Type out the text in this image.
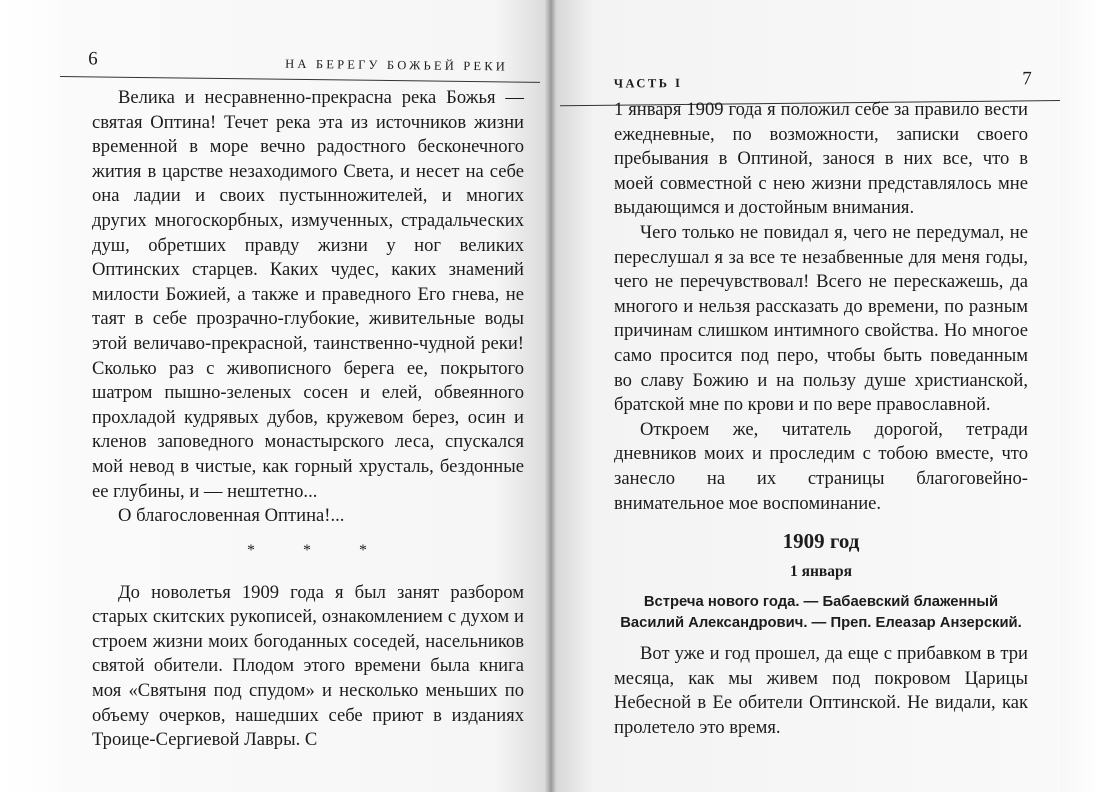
6	НА БЕРЕГУ БОЖЬЕЙ РЕКИ

Велика и несравненно-прекрасна река Божья — святая Оптина! Течет река эта из источников жизни временной в море вечно радостного бесконечного жития в царстве незаходимого Света, и несет на себе она ладии и своих пустынножителей, и многих других многоскорбных, измученных, страдальческих душ, обретших правду жизни у ног великих Оптинских старцев. Каких чудес, каких знамений милости Божией, а также и праведного Его гнева, не таят в себе прозрачно-глубокие, живительные воды этой величаво-прекрасной, таинственно-чудной реки! Сколько раз с живописного берега ее, покрытого шатром пышно-зеленых сосен и елей, обвеянного прохладой кудрявых дубов, кружевом берез, осин и кленов заповедного монастырского леса, спускался мой невод в чистые, как горный хрусталь, бездонные ее глубины, и — нештетно...

О благословенная Оптина!...

* * *

До новолетья 1909 года я был занят разбором старых скитских рукописей, ознакомлением с духом и строем жизни моих богоданных соседей, насельников святой обители. Плодом этого времени была книга моя «Святыня под спудом» и несколько меньших по объему очерков, нашедших себе приют в изданиях Троице-Сергиевой Лавры. С

ЧАСТЬ I	7

1 января 1909 года я положил себе за правило вести ежедневные, по возможности, записки своего пребывания в Оптиной, занося в них все, что в моей совместной с нею жизни представлялось мне выдающимся и достойным внимания.

Чего только не повидал я, чего не передумал, не переслушал я за все те незабвенные для меня годы, чего не перечувствовал! Всего не перескажешь, да многого и нельзя рассказать до времени, по разным причинам слишком интимного свойства. Но многое само просится под перо, чтобы быть поведанным во славу Божию и на пользу душе христианской, братской мне по крови и по вере православной.

Откроем же, читатель дорогой, тетради дневников моих и проследим с тобою вместе, что занесло на их страницы благоговейно-внимательное мое воспоминание.

1909 год
1 января
Встреча нового года. — Бабаевский блаженный Василий Александрович. — Преп. Елеазар Анзерский.

Вот уже и год прошел, да еще с прибавком в три месяца, как мы живем под покровом Царицы Небесной в Ее обители Оптинской. Не видали, как пролетело это время.
